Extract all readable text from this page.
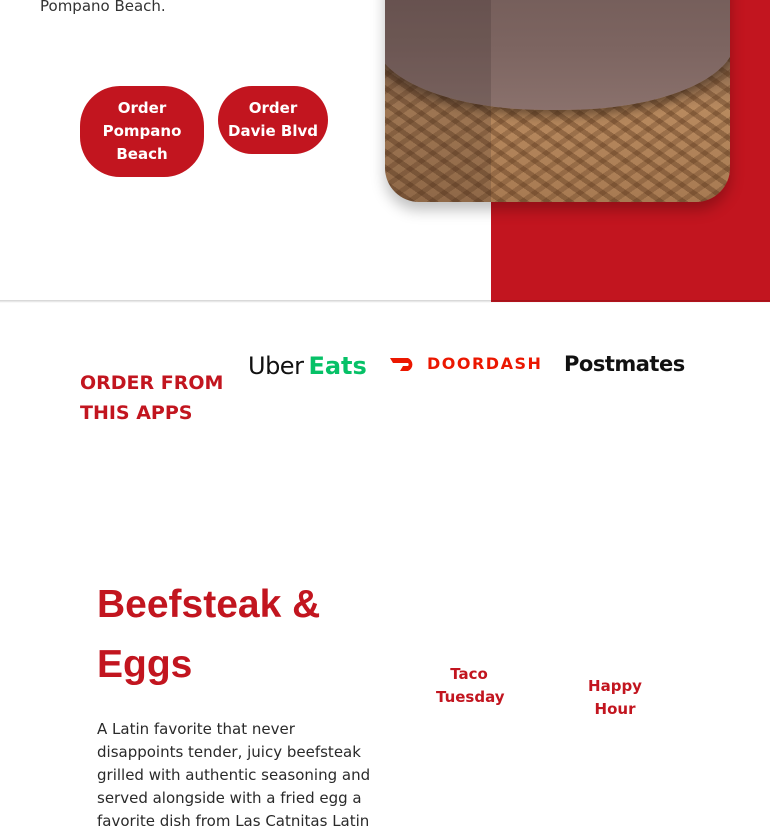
Pompano Beach.

Order Pompano Beach
Order Davie Blvd
ORDER FROM THIS APPS
Uber Eats	DOORDASH Postmates
Beefsteak & Eggs

A Latin favorite that never disappoints tender, juicy beefsteak grilled with authentic seasoning and served alongside with a fried egg a favorite dish from Las Catnitas Latin

Taco Tuesday
Happy Hour
